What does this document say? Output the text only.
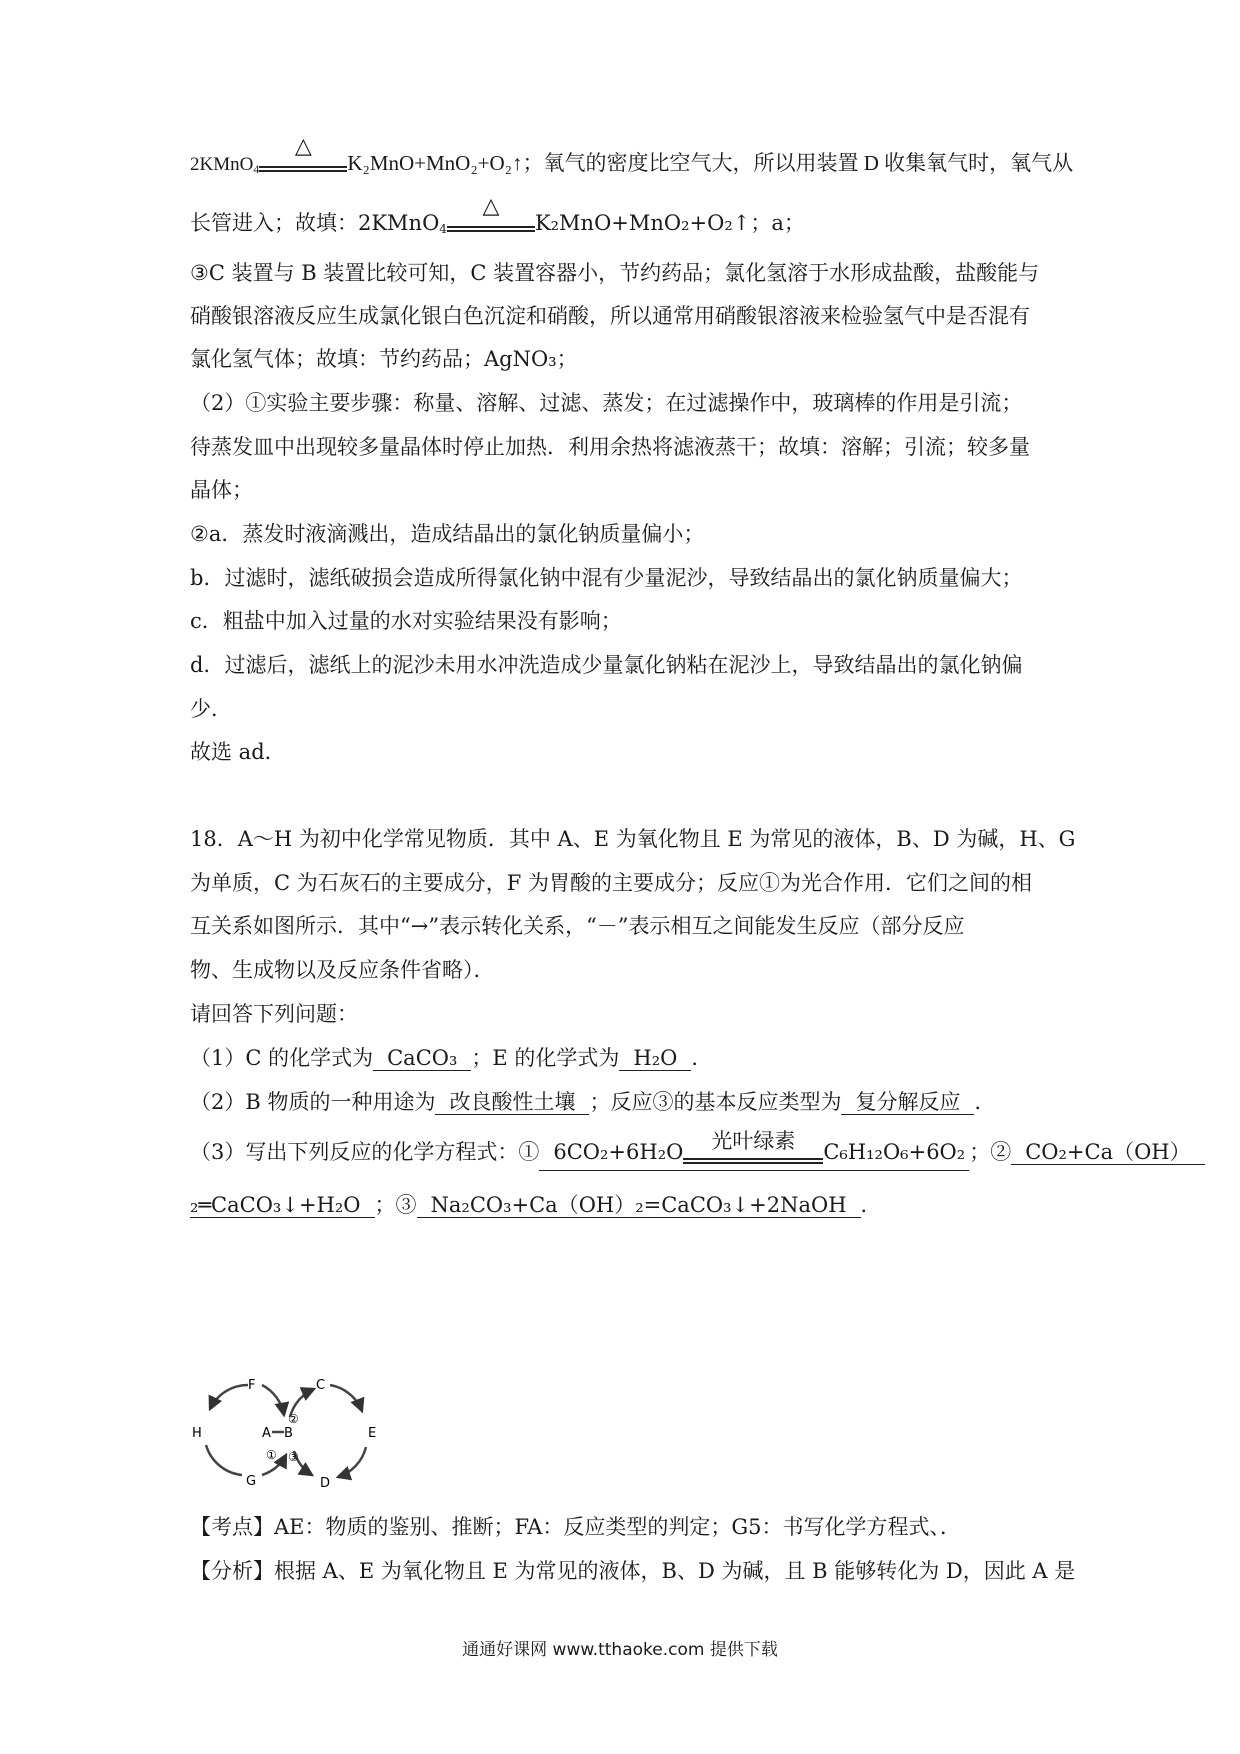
2KMnO$_4$
△
K₂MnO+MnO₂+O₂↑；氧气的密度比空气大，所以用装置 D 收集氧气时，氧气从
长管进入；故填：2KMnO$_4$
△
K₂MnO+MnO₂+O₂↑；a；
③C 装置与 B 装置比较可知，C 装置容器小，节约药品；氯化氢溶于水形成盐酸，盐酸能与
硝酸银溶液反应生成氯化银白色沉淀和硝酸，所以通常用硝酸银溶液来检验氢气中是否混有
氯化氢气体；故填：节约药品；AgNO₃；
（2）①实验主要步骤：称量、溶解、过滤、蒸发；在过滤操作中，玻璃棒的作用是引流；
待蒸发皿中出现较多量晶体时停止加热．利用余热将滤液蒸干；故填：溶解；引流；较多量
晶体；
②a．蒸发时液滴溅出，造成结晶出的氯化钠质量偏小；
b．过滤时，滤纸破损会造成所得氯化钠中混有少量泥沙，导致结晶出的氯化钠质量偏大；
c．粗盐中加入过量的水对实验结果没有影响；
d．过滤后，滤纸上的泥沙未用水冲洗造成少量氯化钠粘在泥沙上，导致结晶出的氯化钠偏
少．
故选 ad．
18．A～H 为初中化学常见物质．其中 A、E 为氧化物且 E 为常见的液体，B、D 为碱，H、G
为单质，C 为石灰石的主要成分，F 为胃酸的主要成分；反应①为光合作用．它们之间的相
互关系如图所示．其中“→”表示转化关系，“－”表示相互之间能发生反应（部分反应
物、生成物以及反应条件省略）．
请回答下列问题：
（1）C 的化学式为 CaCO₃ ；E 的化学式为 H₂O ．
（2）B 物质的一种用途为 改良酸性土壤 ；反应③的基本反应类型为 复分解反应 ．
（3）写出下列反应的化学方程式：① 6CO₂+6H₂O	光叶绿素	C₆H₁₂O₆+6O₂ ；② CO₂+Ca（OH）
₂═CaCO₃↓+H₂O ；③ Na₂CO₃+Ca（OH）₂=CaCO₃↓+2NaOH ．
F
H
G
A B
C
E
D
①
②
③
【考点】AE：物质的鉴别、推断；FA：反应类型的判定；G5：书写化学方程式、．
【分析】根据 A、E 为氧化物且 E 为常见的液体，B、D 为碱，且 B 能够转化为 D，因此 A 是
通通好课网 www.tthaoke.com 提供下载
